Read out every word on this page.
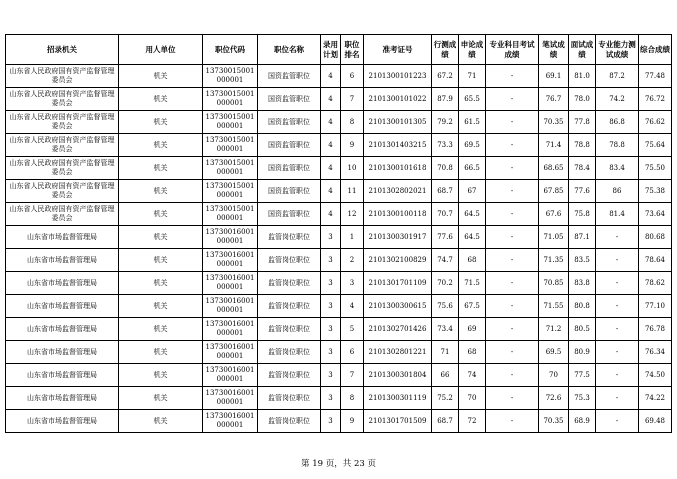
招录机关	用人单位	职位代码	职位名称	录用计划	职位排名	准考证号	行测成绩	申论成绩	专业科目考试成绩	笔试成绩	面试成绩	专业能力测试成绩	综合成绩
山东省人民政府国有资产监督管理委员会	机关	13730015001000001	国资监管职位	4	6	2101300101223	67.2	71	-	69.1	81.0	87.2	77.48
山东省人民政府国有资产监督管理委员会	机关	13730015001000001	国资监管职位	4	7	2101300101022	87.9	65.5	-	76.7	78.0	74.2	76.72
山东省人民政府国有资产监督管理委员会	机关	13730015001000001	国资监管职位	4	8	2101300101305	79.2	61.5	-	70.35	77.8	86.8	76.62
山东省人民政府国有资产监督管理委员会	机关	13730015001000001	国资监管职位	4	9	2101301403215	73.3	69.5	-	71.4	78.8	78.8	75.64
山东省人民政府国有资产监督管理委员会	机关	13730015001000001	国资监管职位	4	10	2101300101618	70.8	66.5	-	68.65	78.4	83.4	75.50
山东省人民政府国有资产监督管理委员会	机关	13730015001000001	国资监管职位	4	11	2101302802021	68.7	67	-	67.85	77.6	86	75.38
山东省人民政府国有资产监督管理委员会	机关	13730015001000001	国资监管职位	4	12	2101300100118	70.7	64.5	-	67.6	75.8	81.4	73.64
山东省市场监督管理局	机关	13730016001000001	监管岗位职位	3	1	2101300301917	77.6	64.5	-	71.05	87.1	-	80.68
山东省市场监督管理局	机关	13730016001000001	监管岗位职位	3	2	2101302100829	74.7	68	-	71.35	83.5	-	78.64
山东省市场监督管理局	机关	13730016001000001	监管岗位职位	3	3	2101301701109	70.2	71.5	-	70.85	83.8	-	78.62
山东省市场监督管理局	机关	13730016001000001	监管岗位职位	3	4	2101300300615	75.6	67.5	-	71.55	80.8	-	77.10
山东省市场监督管理局	机关	13730016001000001	监管岗位职位	3	5	2101302701426	73.4	69	-	71.2	80.5	-	76.78
山东省市场监督管理局	机关	13730016001000001	监管岗位职位	3	6	2101302801221	71	68	-	69.5	80.9	-	76.34
山东省市场监督管理局	机关	13730016001000001	监管岗位职位	3	7	2101300301804	66	74	-	70	77.5	-	74.50
山东省市场监督管理局	机关	13730016001000001	监管岗位职位	3	8	2101300301119	75.2	70	-	72.6	75.3	-	74.22
山东省市场监督管理局	机关	13730016001000001	监管岗位职位	3	9	2101301701509	68.7	72	-	70.35	68.9	-	69.48
第 19 页，共 23 页
